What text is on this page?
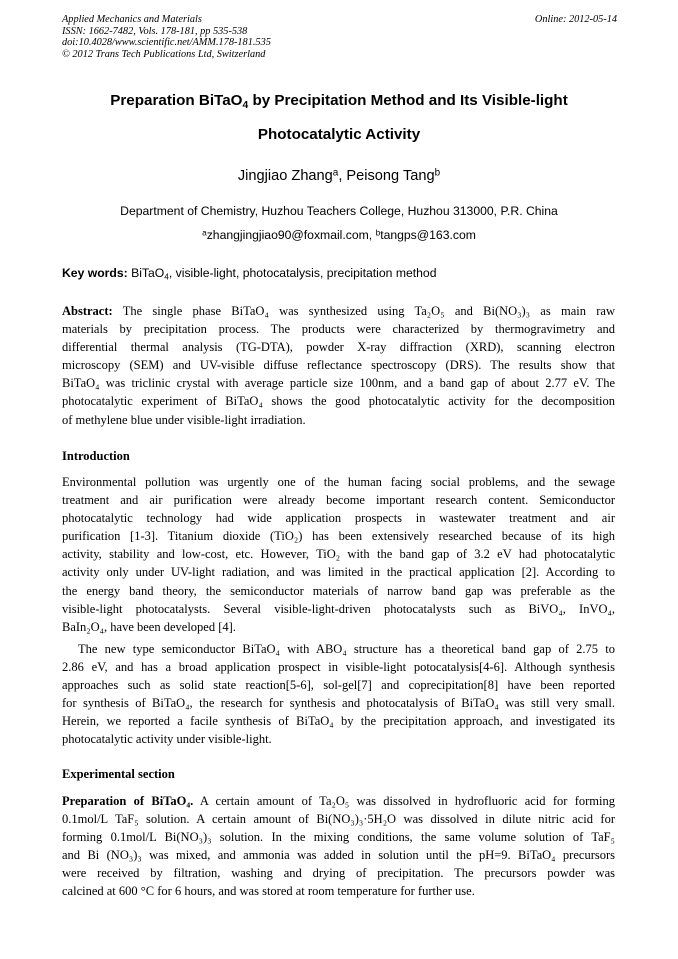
Applied Mechanics and Materials
ISSN: 1662-7482, Vols. 178-181, pp 535-538
doi:10.4028/www.scientific.net/AMM.178-181.535
© 2012 Trans Tech Publications Ltd, Switzerland
Online: 2012-05-14
Preparation BiTaO$_4$ by Precipitation Method and Its Visible-light
Photocatalytic Activity
Jingjiao Zhang$^a$, Peisong Tang$^b$
Department of Chemistry, Huzhou Teachers College, Huzhou 313000, P.R. China
$^a$zhangjingjiao90@foxmail.com, $^b$tangps@163.com
Key words: BiTaO$_4$, visible-light, photocatalysis, precipitation method
Abstract: The single phase BiTaO₄ was synthesized using Ta₂O₅ and Bi(NO₃)₃ as main raw
materials by precipitation process. The products were characterized by thermogravimetry and
differential thermal analysis (TG-DTA), powder X-ray diffraction (XRD), scanning electron
microscopy (SEM) and UV-visible diffuse reflectance spectroscopy (DRS). The results show that
BiTaO₄ was triclinic crystal with average particle size 100nm, and a band gap of about 2.77 eV. The
photocatalytic experiment of BiTaO₄ shows the good photocatalytic activity for the decomposition
of methylene blue under visible-light irradiation.
Introduction
Environmental pollution was urgently one of the human facing social problems, and the sewage
treatment and air purification were already become important research content. Semiconductor
photocatalytic technology had wide application prospects in wastewater treatment and air
purification [1-3]. Titanium dioxide (TiO₂) has been extensively researched because of its high
activity, stability and low-cost, etc. However, TiO₂ with the band gap of 3.2 eV had photocatalytic
activity only under UV-light radiation, and was limited in the practical application [2]. According to
the energy band theory, the semiconductor materials of narrow band gap was preferable as the
visible-light photocatalysts. Several visible-light-driven photocatalysts such as BiVO₄, InVO₄,
BaIn₂O₄, have been developed [4].
The new type semiconductor BiTaO₄ with ABO₄ structure has a theoretical band gap of 2.75 to
2.86 eV, and has a broad application prospect in visible-light potocatalysis[4-6]. Although synthesis
approaches such as solid state reaction[5-6], sol-gel[7] and coprecipitation[8] have been reported
for synthesis of BiTaO₄, the research for synthesis and photocatalysis of BiTaO₄ was still very small.
Herein, we reported a facile synthesis of BiTaO₄ by the precipitation approach, and investigated its
photocatalytic activity under visible-light.
Experimental section
Preparation of BiTaO₄. A certain amount of Ta₂O₅ was dissolved in hydrofluoric acid for forming
0.1mol/L TaF₅ solution. A certain amount of Bi(NO₃)₃·5H₂O was dissolved in dilute nitric acid for
forming 0.1mol/L Bi(NO₃)₃ solution. In the mixing conditions, the same volume solution of TaF₅
and Bi (NO₃)₃ was mixed, and ammonia was added in solution until the pH=9. BiTaO₄ precursors
were received by filtration, washing and drying of precipitation. The precursors powder was
calcined at 600 °C for 6 hours, and was stored at room temperature for further use.
